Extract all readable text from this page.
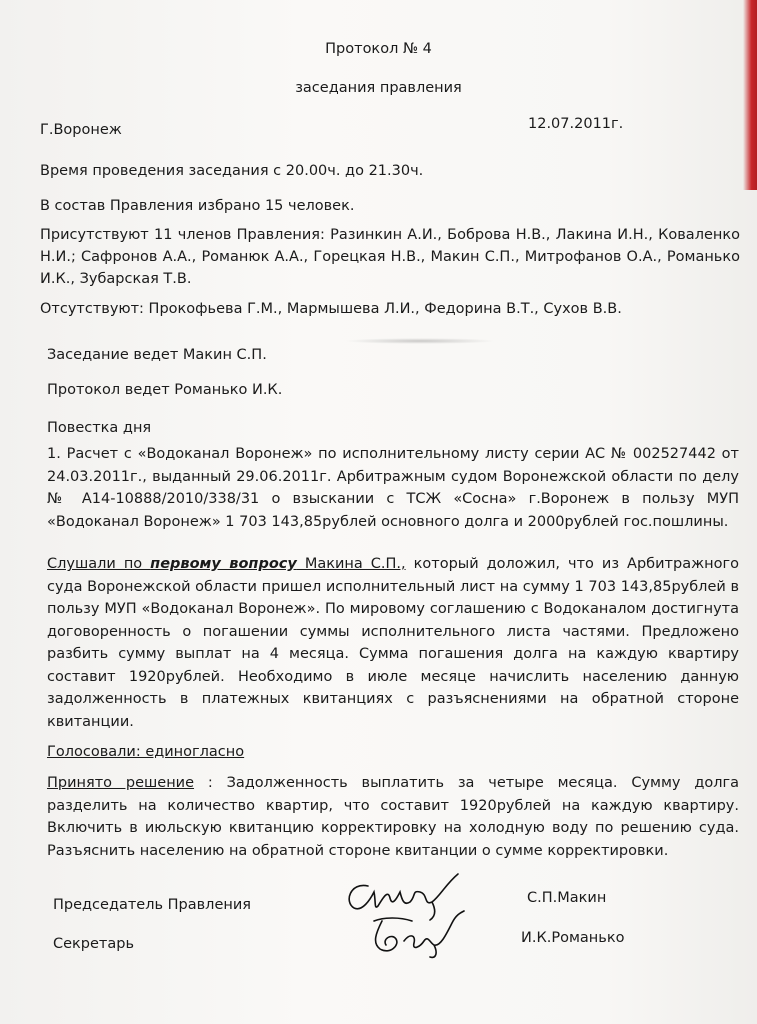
Протокол № 4
заседания правления
Г.Воронеж	12.07.2011г.
Время проведения заседания с 20.00ч. до 21.30ч.
В состав Правления избрано 15 человек.
Присутствуют 11 членов Правления: Разинкин А.И., Боброва Н.В., Лакина И.Н., Коваленко Н.И.; Сафронов А.А., Романюк А.А., Горецкая Н.В., Макин С.П., Митрофанов О.А., Романько И.К., Зубарская Т.В.
Отсутствуют: Прокофьева Г.М., Мармышева Л.И., Федорина В.Т., Сухов В.В.
Заседание ведет Макин С.П.
Протокол ведет Романько И.К.
Повестка дня
1. Расчет с «Водоканал Воронеж» по исполнительному листу серии АС № 002527442 от 24.03.2011г., выданный 29.06.2011г. Арбитражным судом Воронежской области по делу № А14-10888/2010/338/31 о взыскании с ТСЖ «Сосна» г.Воронеж в пользу МУП «Водоканал Воронеж» 1 703 143,85рублей основного долга и 2000рублей гос.пошлины.
Слушали по первому вопросу Макина С.П., который доложил, что из Арбитражного суда Воронежской области пришел исполнительный лист на сумму 1 703 143,85рублей в пользу МУП «Водоканал Воронеж». По мировому соглашению с Водоканалом достигнута договоренность о погашении суммы исполнительного листа частями. Предложено разбить сумму выплат на 4 месяца. Сумма погашения долга на каждую квартиру составит 1920рублей. Необходимо в июле месяце начислить населению данную задолженность в платежных квитанциях с разъяснениями на обратной стороне квитанции.
Голосовали: единогласно
Принято решение : Задолженность выплатить за четыре месяца. Сумму долга разделить на количество квартир, что составит 1920рублей на каждую квартиру. Включить в июльскую квитанцию корректировку на холодную воду по решению суда. Разъяснить населению на обратной стороне квитанции о сумме корректировки.
Председатель Правления	С.П.Макин
Секретарь	И.К.Романько
